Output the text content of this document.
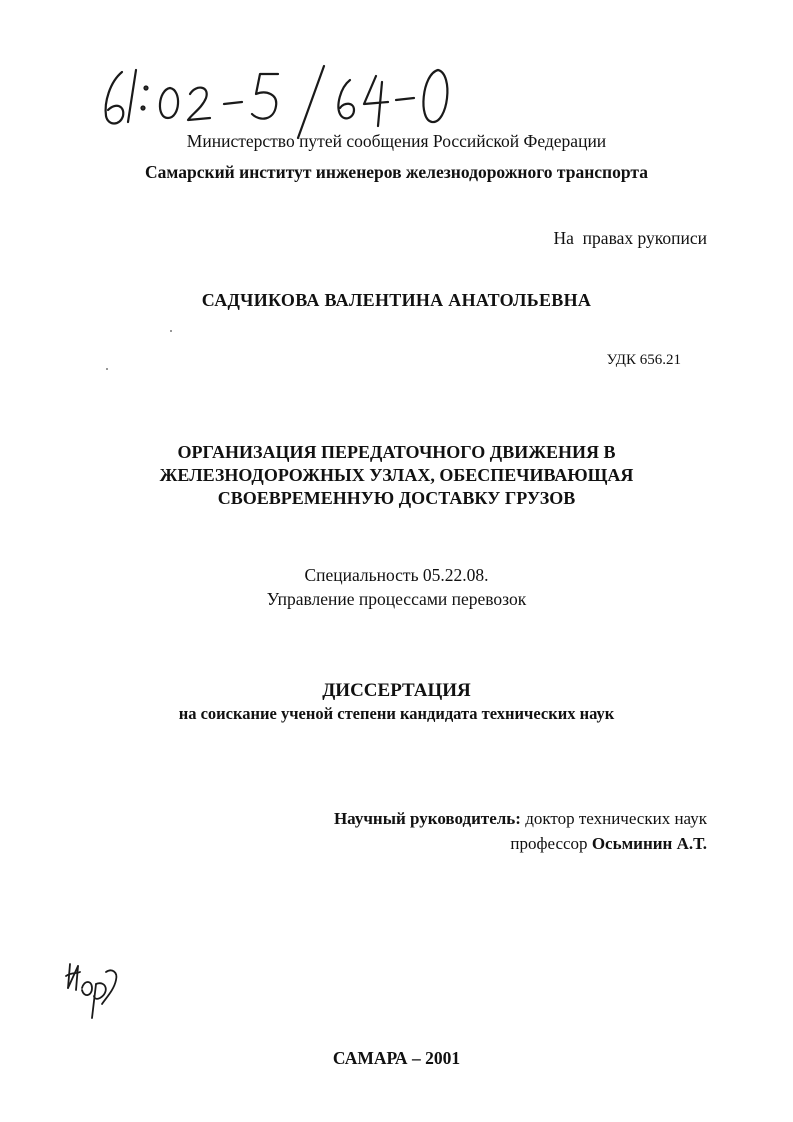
Министерство путей сообщения Российской Федерации
Самарский институт инженеров железнодорожного транспорта
На  правах рукописи
САДЧИКОВА ВАЛЕНТИНА АНАТОЛЬЕВНА
УДК 656.21
ОРГАНИЗАЦИЯ ПЕРЕДАТОЧНОГО ДВИЖЕНИЯ В
ЖЕЛЕЗНОДОРОЖНЫХ УЗЛАХ, ОБЕСПЕЧИВАЮЩАЯ
СВОЕВРЕМЕННУЮ ДОСТАВКУ ГРУЗОВ
Специальность 05.22.08.
Управление процессами перевозок
ДИССЕРТАЦИЯ
на соискание ученой степени кандидата технических наук
Научный руководитель: доктор технических наук
профессор Осьминин А.Т.
САМАРА – 2001
